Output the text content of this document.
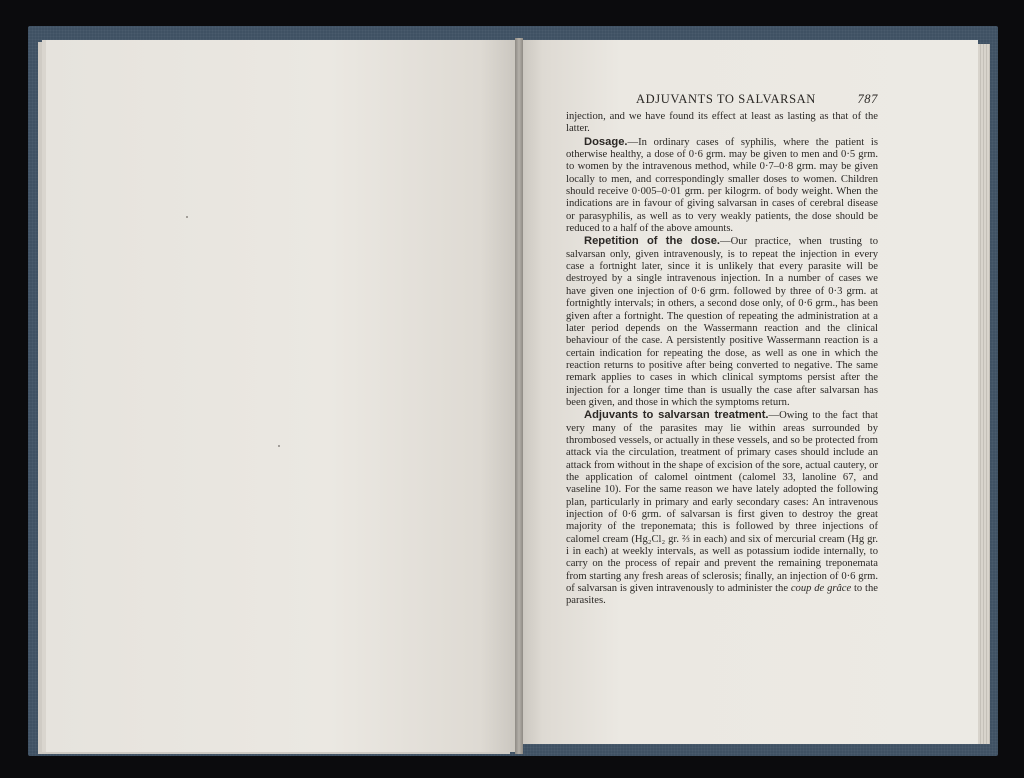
ADJUVANTS TO SALVARSAN	787

injection, and we have found its effect at least as lasting as that of the latter.

Dosage.—In ordinary cases of syphilis, where the patient is otherwise healthy, a dose of 0·6 grm. may be given to men and 0·5 grm. to women by the intravenous method, while 0·7–0·8 grm. may be given locally to men, and correspondingly smaller doses to women. Children should receive 0·005–0·01 grm. per kilogrm. of body weight. When the indications are in favour of giving salvarsan in cases of cerebral disease or parasyphilis, as well as to very weakly patients, the dose should be reduced to a half of the above amounts.

Repetition of the dose.—Our practice, when trusting to salvarsan only, given intravenously, is to repeat the injection in every case a fortnight later, since it is unlikely that every parasite will be destroyed by a single intravenous injection. In a number of cases we have given one injection of 0·6 grm. followed by three of 0·3 grm. at fortnightly intervals; in others, a second dose only, of 0·6 grm., has been given after a fortnight. The question of repeating the administration at a later period depends on the Wassermann reaction and the clinical behaviour of the case. A persistently positive Wassermann reaction is a certain indication for repeating the dose, as well as one in which the reaction returns to positive after being converted to negative. The same remark applies to cases in which clinical symptoms persist after the injection for a longer time than is usually the case after salvarsan has been given, and those in which the symptoms return.

Adjuvants to salvarsan treatment.—Owing to the fact that very many of the parasites may lie within areas surrounded by thrombosed vessels, or actually in these vessels, and so be protected from attack via the circulation, treatment of primary cases should include an attack from without in the shape of excision of the sore, actual cautery, or the application of calomel ointment (calomel 33, lanoline 67, and vaseline 10). For the same reason we have lately adopted the following plan, particularly in primary and early secondary cases: An intravenous injection of 0·6 grm. of salvarsan is first given to destroy the great majority of the treponemata; this is followed by three injections of calomel cream (Hg₂Cl₂ gr. ⅔ in each) and six of mercurial cream (Hg gr. i in each) at weekly intervals, as well as potassium iodide internally, to carry on the process of repair and prevent the remaining treponemata from starting any fresh areas of sclerosis; finally, an injection of 0·6 grm. of salvarsan is given intravenously to administer the coup de grâce to the parasites.
